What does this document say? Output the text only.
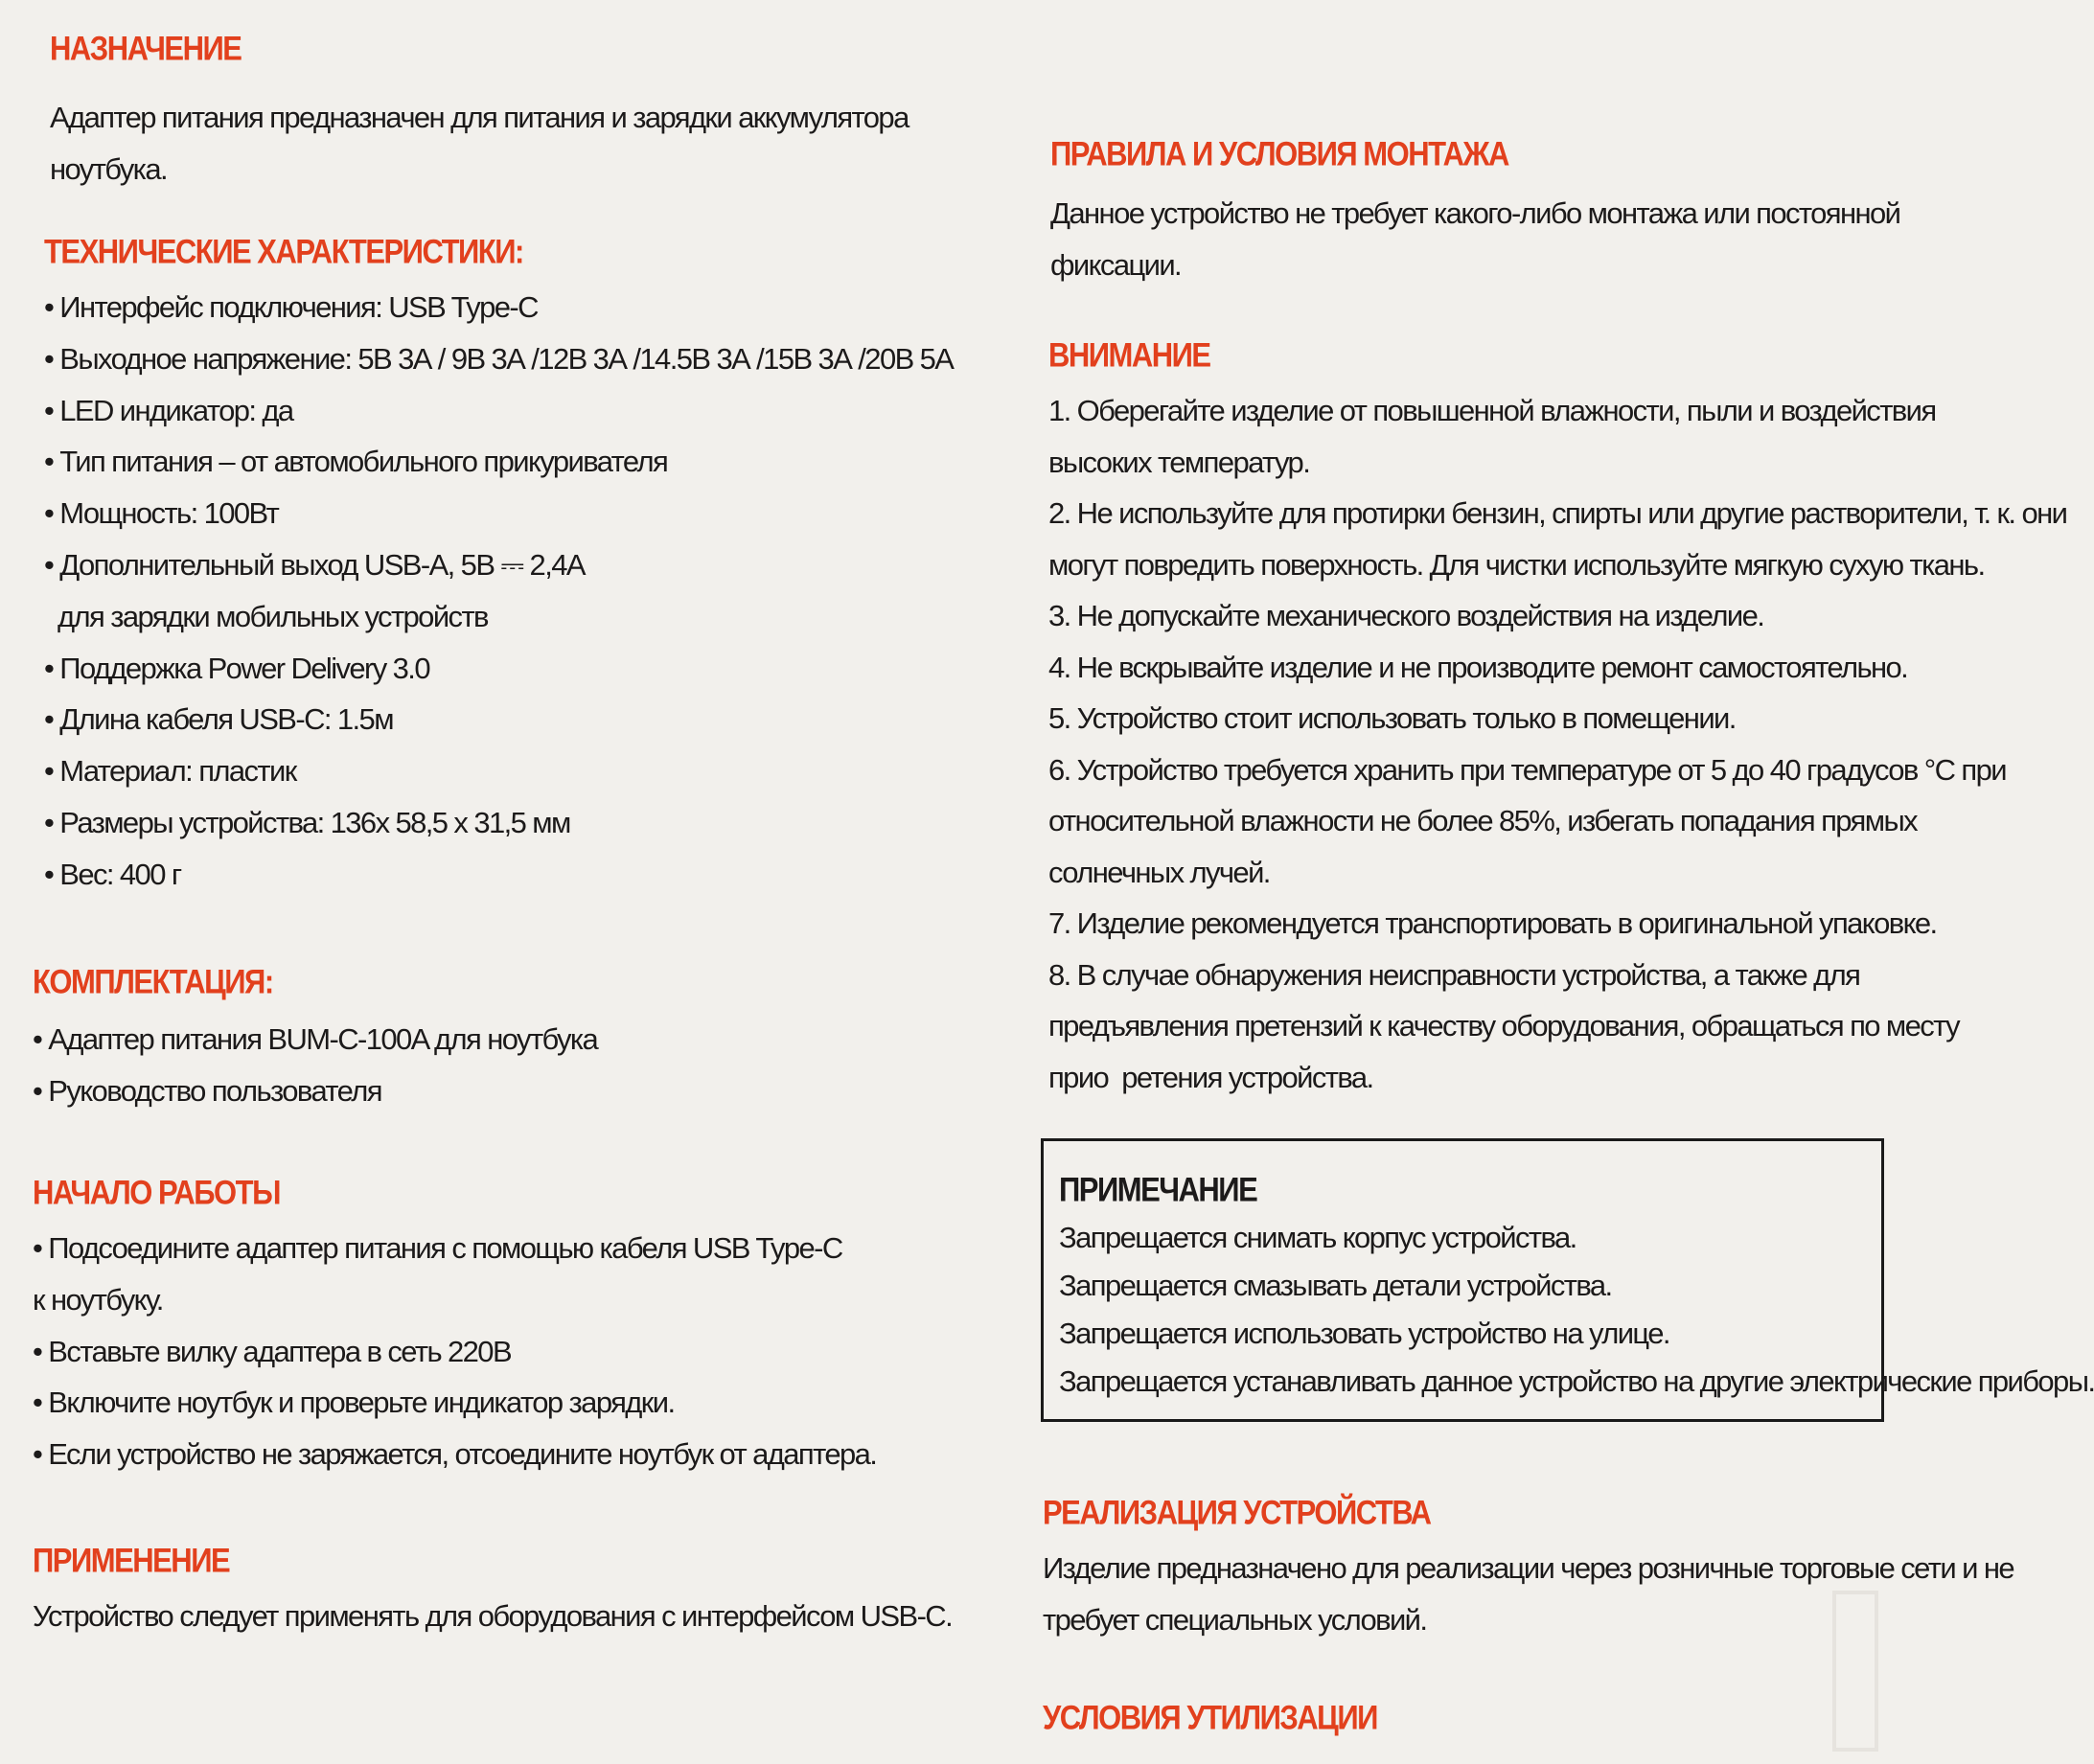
НАЗНАЧЕНИЕ
Адаптер питания предназначен для питания и зарядки аккумулятора
ноутбука.
ТЕХНИЧЕСКИЕ ХАРАКТЕРИСТИКИ:
• Интерфейс подключения: USB Type-C
• Выходное напряжение: 5В 3А / 9В 3А /12В 3А /14.5В 3А /15В 3А /20В 5А
• LED индикатор: да
• Тип питания – от автомобильного прикуривателя
• Мощность: 100Вт
• Дополнительный выход USB-A, 5В ⎓ 2,4А
для зарядки мобильных устройств
• Поддержка Power Delivery 3.0
• Длина кабеля USB-C: 1.5м
• Материал: пластик
• Размеры устройства: 136х 58,5 х 31,5 мм
• Вес: 400 г
КОМПЛЕКТАЦИЯ:
• Адаптер питания BUM-C-100A для ноутбука
• Руководство пользователя
НАЧАЛО РАБОТЫ
• Подсоедините адаптер питания с помощью кабеля USB Type-C
к ноутбуку.
• Вставьте вилку адаптера в сеть 220В
• Включите ноутбук и проверьте индикатор зарядки.
• Если устройство не заряжается, отсоедините ноутбук от адаптера.
ПРИМЕНЕНИЕ
Устройство следует применять для оборудования с интерфейсом USB-C.
ПРАВИЛА И УСЛОВИЯ МОНТАЖА
Данное устройство не требует какого-либо монтажа или постоянной
фиксации.
ВНИМАНИЕ
1. Оберегайте изделие от повышенной влажности, пыли и воздействия
высоких температур.
2. Не используйте для протирки бензин, спирты или другие растворители, т. к. они
могут повредить поверхность. Для чистки используйте мягкую сухую ткань.
3. Не допускайте механического воздействия на изделие.
4. Не вскрывайте изделие и не производите ремонт самостоятельно.
5. Устройство стоит использовать только в помещении.
6. Устройство требуется хранить при температуре от 5 до 40 градусов °С при
относительной влажности не более 85%, избегать попадания прямых
солнечных лучей.
7. Изделие рекомендуется транспортировать в оригинальной упаковке.
8. В случае обнаружения неисправности устройства, а также для
предъявления претензий к качеству оборудования, обращаться по месту
прио  ретения устройства.
ПРИМЕЧАНИЕ
Запрещается снимать корпус устройства.
Запрещается смазывать детали устройства.
Запрещается использовать устройство на улице.
Запрещается устанавливать данное устройство на другие электрические приборы.
РЕАЛИЗАЦИЯ УСТРОЙСТВА
Изделие предназначено для реализации через розничные торговые сети и не
требует специальных условий.
УСЛОВИЯ УТИЛИЗАЦИИ
